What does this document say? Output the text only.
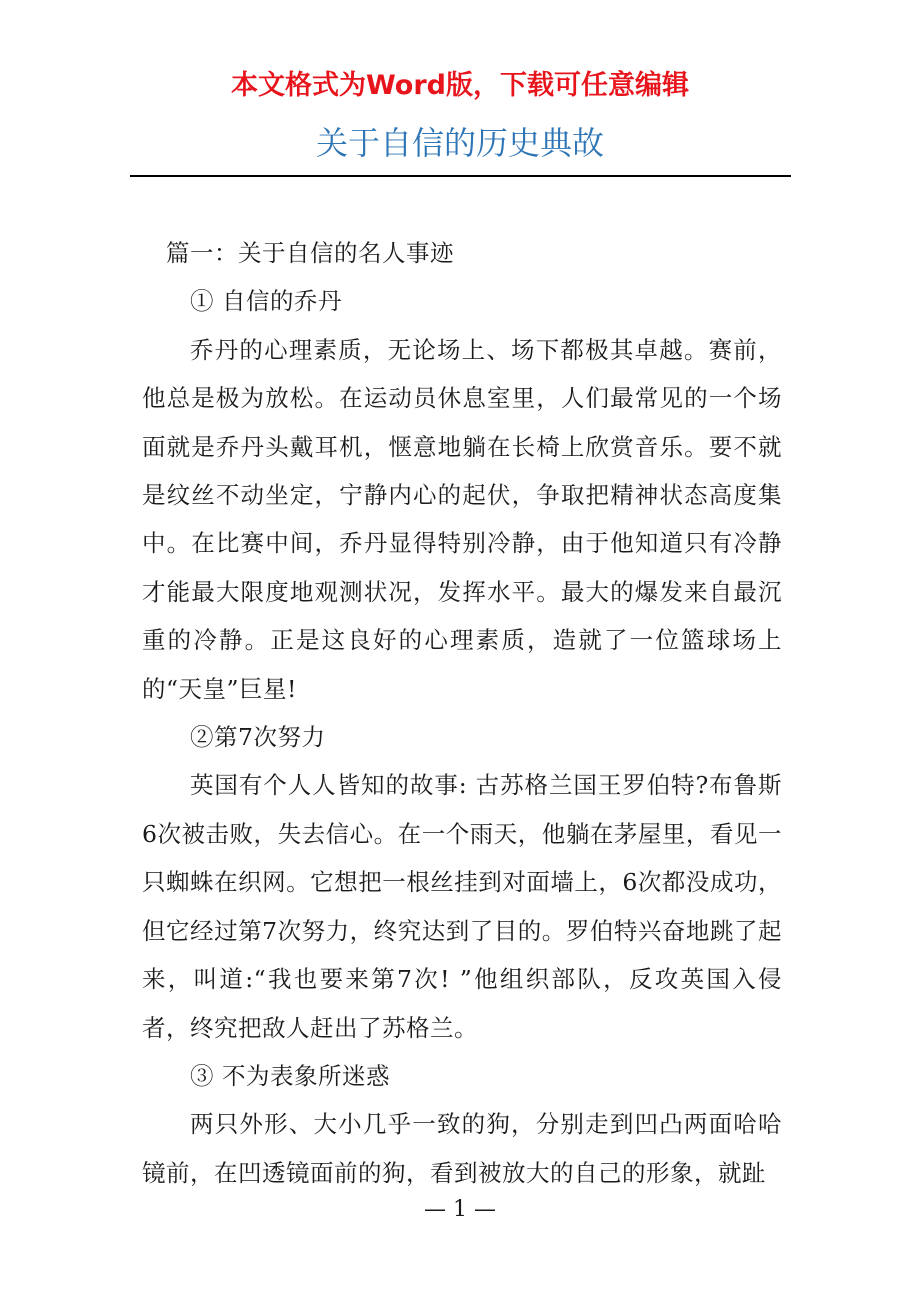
本文格式为Word版，下载可任意编辑
关于自信的历史典故

篇一：关于自信的名人事迹

① 自信的乔丹

乔丹的心理素质，无论场上、场下都极其卓越。赛前，他总是极为放松。在运动员休息室里，人们最常见的一个场面就是乔丹头戴耳机，惬意地躺在长椅上欣赏音乐。要不就是纹丝不动坐定，宁静内心的起伏，争取把精神状态高度集中。在比赛中间，乔丹显得特别冷静，由于他知道只有冷静才能最大限度地观测状况，发挥水平。最大的爆发来自最沉重的冷静。正是这良好的心理素质，造就了一位篮球场上的“天皇”巨星!

②第7次努力

英国有个人人皆知的故事: 古苏格兰国王罗伯特?布鲁斯6次被击败，失去信心。在一个雨天，他躺在茅屋里，看见一只蜘蛛在织网。它想把一根丝挂到对面墙上，6次都没成功，但它经过第7次努力，终究达到了目的。罗伯特兴奋地跳了起来，叫道:“我也要来第7次! ”他组织部队，反攻英国入侵者，终究把敌人赶出了苏格兰。

③ 不为表象所迷惑

两只外形、大小几乎一致的狗，分别走到凹凸两面哈哈镜前，在凹透镜面前的狗，看到被放大的自己的形象，就趾

— 1 —
